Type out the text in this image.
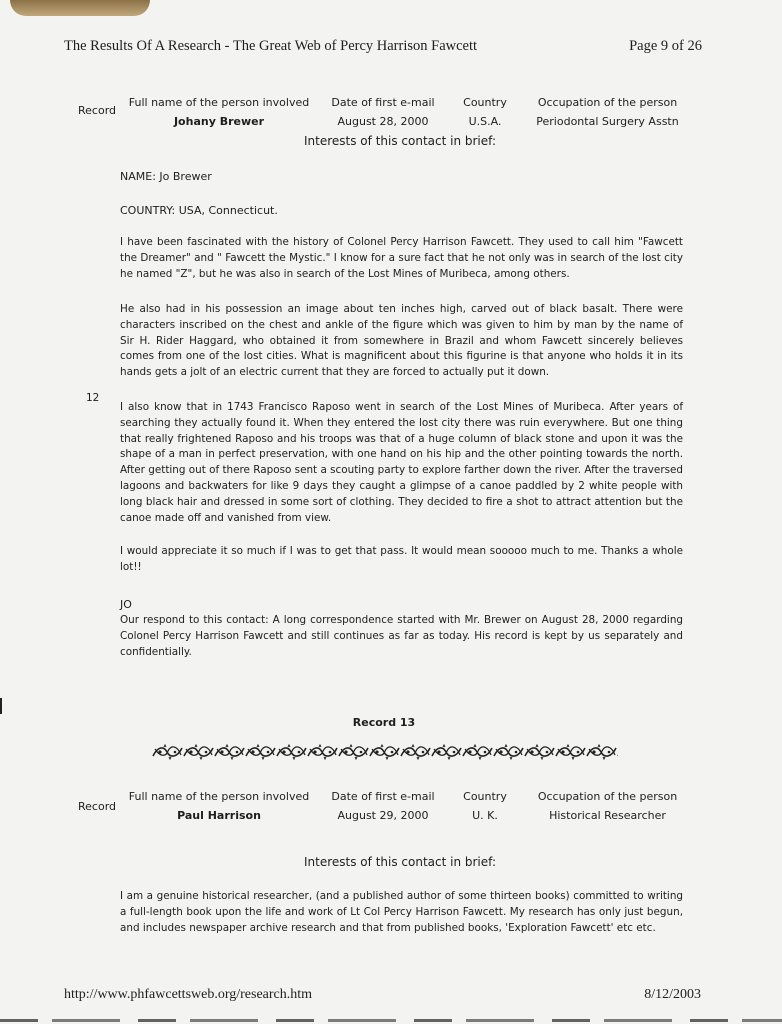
The Results Of A Research - The Great Web of Percy Harrison Fawcett	Page 9 of 26
Record
Full name of the person involved	Date of first e-mail	Country	Occupation of the person
Johany Brewer	August 28, 2000	U.S.A.	Periodontal Surgery Asstn
Interests of this contact in brief:
NAME: Jo Brewer
COUNTRY: USA, Connecticut.

I have been fascinated with the history of Colonel Percy Harrison Fawcett. They used to call him "Fawcett the Dreamer" and " Fawcett the Mystic." I know for a sure fact that he not only was in search of the lost city he named "Z", but he was also in search of the Lost Mines of Muribeca, among others.

He also had in his possession an image about ten inches high, carved out of black basalt. There were characters inscribed on the chest and ankle of the figure which was given to him by man by the name of Sir H. Rider Haggard, who obtained it from somewhere in Brazil and whom Fawcett sincerely believes comes from one of the lost cities. What is magnificent about this figurine is that anyone who holds it in its hands gets a jolt of an electric current that they are forced to actually put it down.

12

I also know that in 1743 Francisco Raposo went in search of the Lost Mines of Muribeca. After years of searching they actually found it. When they entered the lost city there was ruin everywhere. But one thing that really frightened Raposo and his troops was that of a huge column of black stone and upon it was the shape of a man in perfect preservation, with one hand on his hip and the other pointing towards the north. After getting out of there Raposo sent a scouting party to explore farther down the river. After the traversed lagoons and backwaters for like 9 days they caught a glimpse of a canoe paddled by 2 white people with long black hair and dressed in some sort of clothing. They decided to fire a shot to attract attention but the canoe made off and vanished from view.

I would appreciate it so much if I was to get that pass. It would mean sooooo much to me. Thanks a whole lot!!

JO

Our respond to this contact: A long correspondence started with Mr. Brewer on August 28, 2000 regarding Colonel Percy Harrison Fawcett and still continues as far as today. His record is kept by us separately and confidentially.

Record 13
Record
Full name of the person involved	Date of first e-mail	Country	Occupation of the person
Paul Harrison	August 29, 2000	U. K.	Historical Researcher
Interests of this contact in brief:

I am a genuine historical researcher, (and a published author of some thirteen books) committed to writing a full-length book upon the life and work of Lt Col Percy Harrison Fawcett. My research has only just begun, and includes newspaper archive research and that from published books, 'Exploration Fawcett' etc etc.

http://www.phfawcettsweb.org/research.htm	8/12/2003
